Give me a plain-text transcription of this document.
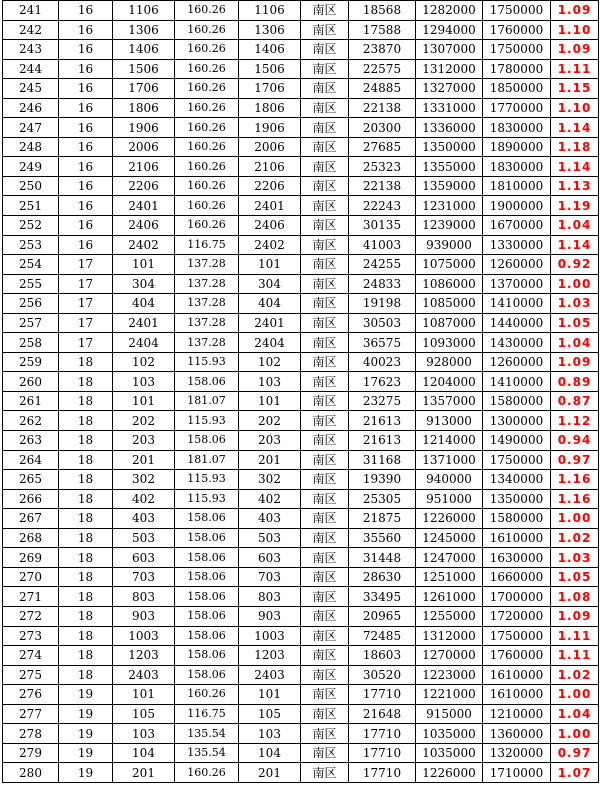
241	16	1106	160.26	1106	南区	18568	1282000	1750000	1.09
242	16	1306	160.26	1306	南区	17588	1294000	1760000	1.10
243	16	1406	160.26	1406	南区	23870	1307000	1750000	1.09
244	16	1506	160.26	1506	南区	22575	1312000	1780000	1.11
245	16	1706	160.26	1706	南区	24885	1327000	1850000	1.15
246	16	1806	160.26	1806	南区	22138	1331000	1770000	1.10
247	16	1906	160.26	1906	南区	20300	1336000	1830000	1.14
248	16	2006	160.26	2006	南区	27685	1350000	1890000	1.18
249	16	2106	160.26	2106	南区	25323	1355000	1830000	1.14
250	16	2206	160.26	2206	南区	22138	1359000	1810000	1.13
251	16	2401	160.26	2401	南区	22243	1231000	1900000	1.19
252	16	2406	160.26	2406	南区	30135	1239000	1670000	1.04
253	16	2402	116.75	2402	南区	41003	939000	1330000	1.14
254	17	101	137.28	101	南区	24255	1075000	1260000	0.92
255	17	304	137.28	304	南区	24833	1086000	1370000	1.00
256	17	404	137.28	404	南区	19198	1085000	1410000	1.03
257	17	2401	137.28	2401	南区	30503	1087000	1440000	1.05
258	17	2404	137.28	2404	南区	36575	1093000	1430000	1.04
259	18	102	115.93	102	南区	40023	928000	1260000	1.09
260	18	103	158.06	103	南区	17623	1204000	1410000	0.89
261	18	101	181.07	101	南区	23275	1357000	1580000	0.87
262	18	202	115.93	202	南区	21613	913000	1300000	1.12
263	18	203	158.06	203	南区	21613	1214000	1490000	0.94
264	18	201	181.07	201	南区	31168	1371000	1750000	0.97
265	18	302	115.93	302	南区	19390	940000	1340000	1.16
266	18	402	115.93	402	南区	25305	951000	1350000	1.16
267	18	403	158.06	403	南区	21875	1226000	1580000	1.00
268	18	503	158.06	503	南区	35560	1245000	1610000	1.02
269	18	603	158.06	603	南区	31448	1247000	1630000	1.03
270	18	703	158.06	703	南区	28630	1251000	1660000	1.05
271	18	803	158.06	803	南区	33495	1261000	1700000	1.08
272	18	903	158.06	903	南区	20965	1255000	1720000	1.09
273	18	1003	158.06	1003	南区	72485	1312000	1750000	1.11
274	18	1203	158.06	1203	南区	18603	1270000	1760000	1.11
275	18	2403	158.06	2403	南区	30520	1223000	1610000	1.02
276	19	101	160.26	101	南区	17710	1221000	1610000	1.00
277	19	105	116.75	105	南区	21648	915000	1210000	1.04
278	19	103	135.54	103	南区	17710	1035000	1360000	1.00
279	19	104	135.54	104	南区	17710	1035000	1320000	0.97
280	19	201	160.26	201	南区	17710	1226000	1710000	1.07
